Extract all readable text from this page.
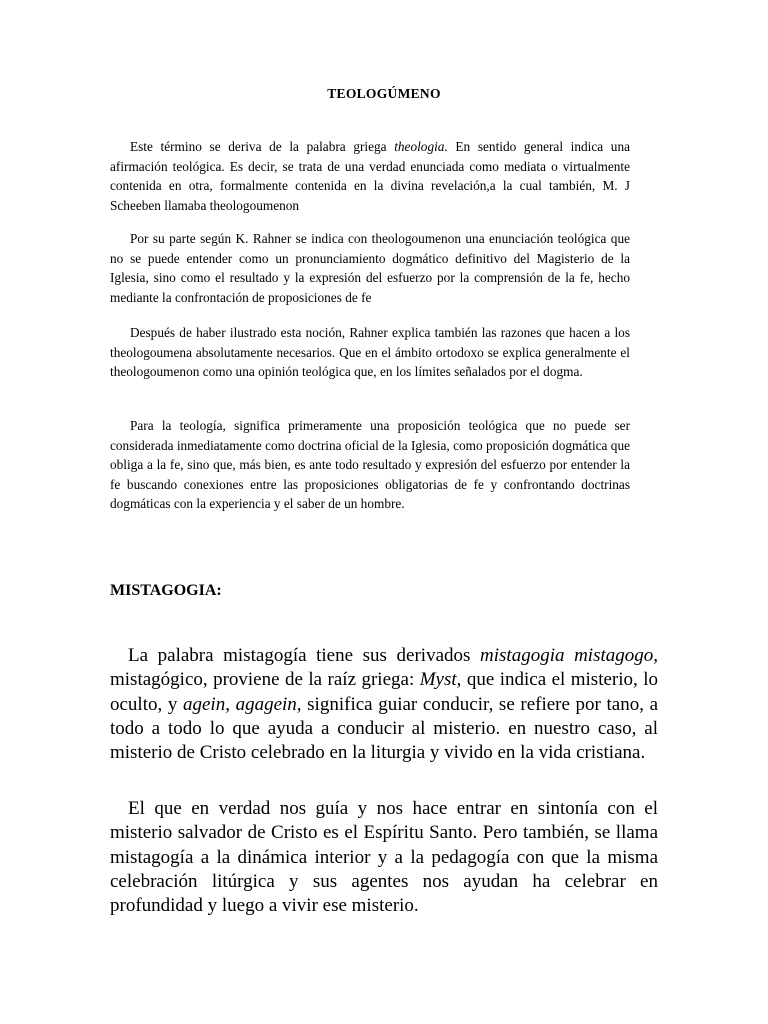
TEOLOGÚMENO

Este término se deriva de la palabra griega theologia. En sentido general indica una afirmación teológica. Es decir, se trata de una verdad enunciada como mediata o virtualmente contenida en otra, formalmente contenida en la divina revelación,a la cual también, M. J Scheeben llamaba theologoumenon

Por su parte según K. Rahner se indica con theologoumenon una enunciación teológica que no se puede entender como un pronunciamiento dogmático definitivo del Magisterio de la Iglesia, sino como el resultado y la expresión del esfuerzo por la comprensión de la fe, hecho mediante la confrontación de proposiciones de fe

Después de haber ilustrado esta noción, Rahner explica también las razones que hacen a los theologoumena absolutamente necesarios. Que en el ámbito ortodoxo se explica generalmente el theologoumenon como una opinión teológica que, en los límites señalados por el dogma.

Para la teología, significa primeramente una proposición teológica que no puede ser considerada inmediatamente como doctrina oficial de la Iglesia, como proposición dogmática que obliga a la fe, sino que, más bien, es ante todo resultado y expresión del esfuerzo por entender la fe buscando conexiones entre las proposiciones obligatorias de fe y confrontando doctrinas dogmáticas con la experiencia y el saber de un hombre.

MISTAGOGIA:

La palabra mistagogía tiene sus derivados mistagogia mistagogo, mistagógico, proviene de la raíz griega: Myst, que indica el misterio, lo oculto, y agein, agagein, significa guiar conducir, se refiere por tano, a todo a todo lo que ayuda a conducir al misterio. en nuestro caso, al misterio de Cristo celebrado en la liturgia y vivido en la vida cristiana.

El que en verdad nos guía y nos hace entrar en sintonía con el misterio salvador de Cristo es el Espíritu Santo. Pero también, se llama mistagogía a la dinámica interior y a la pedagogía con que la misma celebración litúrgica y sus agentes nos ayudan ha celebrar en profundidad y luego a vivir ese misterio.
